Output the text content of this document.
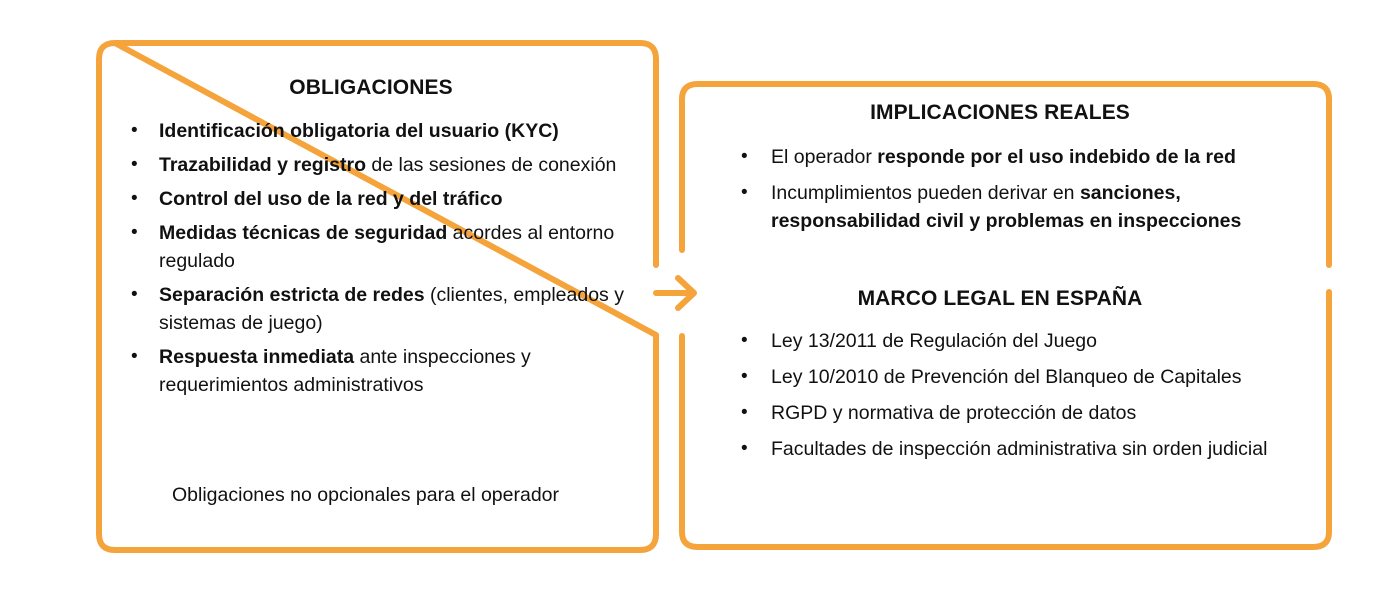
OBLIGACIONES
• Identificación obligatoria del usuario (KYC)
• Trazabilidad y registro de las sesiones de conexión
• Control del uso de la red y del tráfico
• Medidas técnicas de seguridad acordes al entorno regulado
• Separación estricta de redes (clientes, empleados y sistemas de juego)
• Respuesta inmediata ante inspecciones y requerimientos administrativos
Obligaciones no opcionales para el operador
IMPLICACIONES REALES
• El operador responde por el uso indebido de la red
• Incumplimientos pueden derivar en sanciones, responsabilidad civil y problemas en inspecciones
MARCO LEGAL EN ESPAÑA
• Ley 13/2011 de Regulación del Juego
• Ley 10/2010 de Prevención del Blanqueo de Capitales
• RGPD y normativa de protección de datos
• Facultades de inspección administrativa sin orden judicial
